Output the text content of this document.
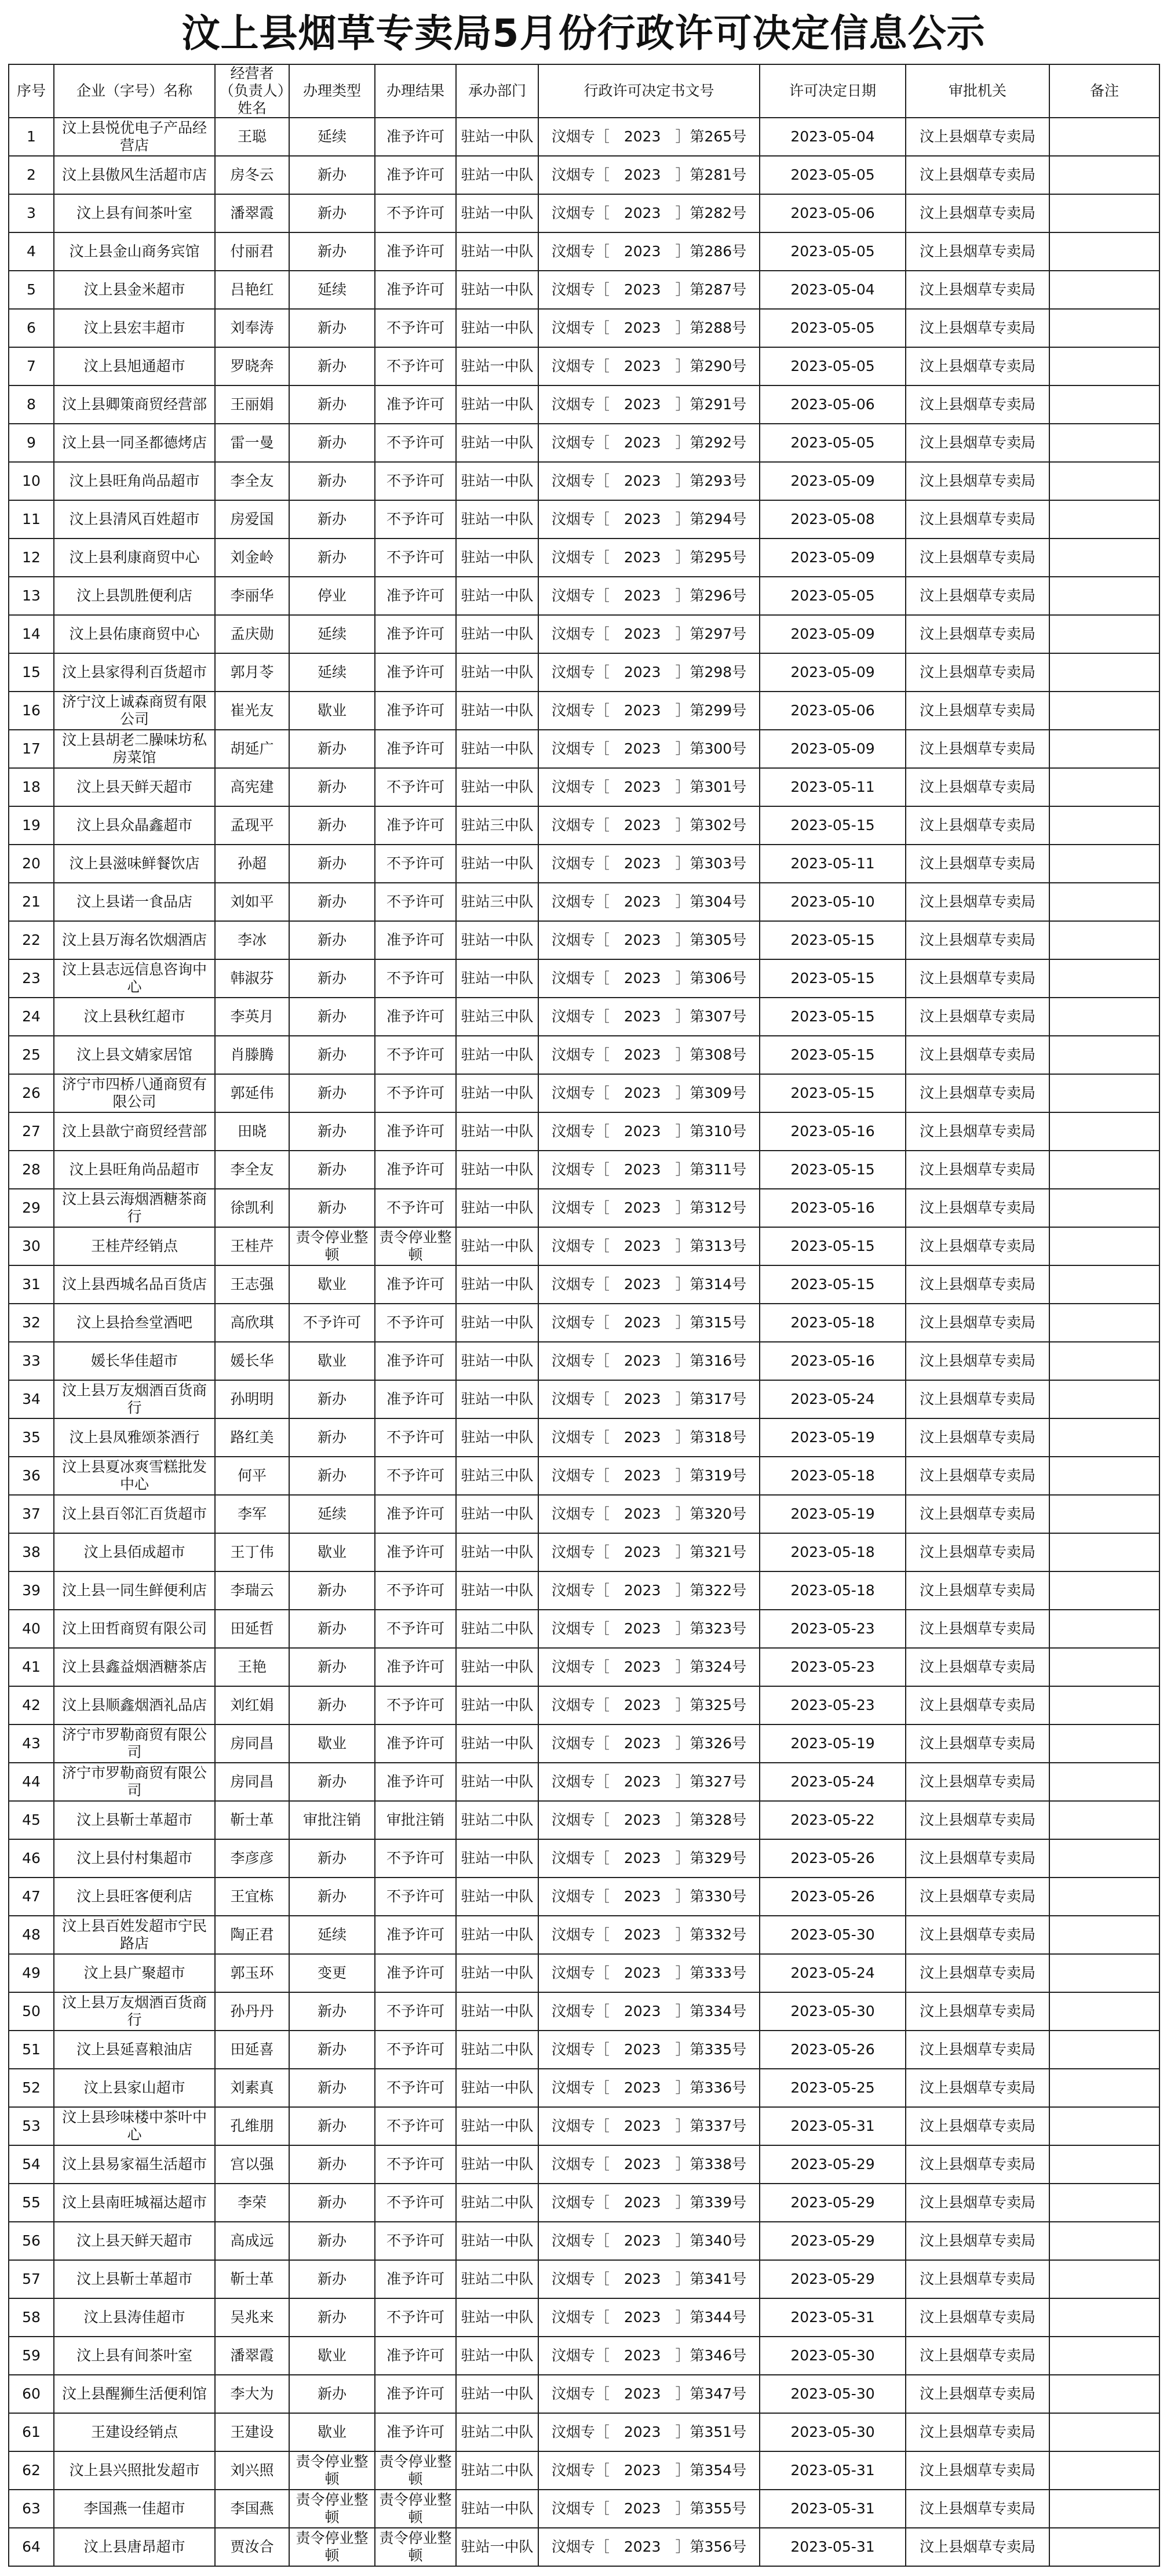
汶上县烟草专卖局5月份行政许可决定信息公示
序号	企业（字号）名称	经营者（负责人）姓名	办理类型	办理结果	承办部门	行政许可决定书文号	许可决定日期	审批机关	备注
1	汶上县悦优电子产品经营店	王聪	延续	准予许可	驻站一中队	汶烟专［　2023　］第265号	2023-05-04	汶上县烟草专卖局	
2	汶上县傲风生活超市店	房冬云	新办	准予许可	驻站一中队	汶烟专［　2023　］第281号	2023-05-05	汶上县烟草专卖局	
3	汶上县有间茶叶室	潘翠霞	新办	不予许可	驻站一中队	汶烟专［　2023　］第282号	2023-05-06	汶上县烟草专卖局	
4	汶上县金山商务宾馆	付丽君	新办	准予许可	驻站一中队	汶烟专［　2023　］第286号	2023-05-05	汶上县烟草专卖局	
5	汶上县金米超市	吕艳红	延续	准予许可	驻站一中队	汶烟专［　2023　］第287号	2023-05-04	汶上县烟草专卖局	
6	汶上县宏丰超市	刘奉涛	新办	不予许可	驻站一中队	汶烟专［　2023　］第288号	2023-05-05	汶上县烟草专卖局	
7	汶上县旭通超市	罗晓奔	新办	不予许可	驻站一中队	汶烟专［　2023　］第290号	2023-05-05	汶上县烟草专卖局	
8	汶上县卿策商贸经营部	王丽娟	新办	准予许可	驻站一中队	汶烟专［　2023　］第291号	2023-05-06	汶上县烟草专卖局	
9	汶上县一同圣都德烤店	雷一曼	新办	不予许可	驻站一中队	汶烟专［　2023　］第292号	2023-05-05	汶上县烟草专卖局	
10	汶上县旺角尚品超市	李全友	新办	不予许可	驻站一中队	汶烟专［　2023　］第293号	2023-05-09	汶上县烟草专卖局	
11	汶上县清风百姓超市	房爱国	新办	不予许可	驻站一中队	汶烟专［　2023　］第294号	2023-05-08	汶上县烟草专卖局	
12	汶上县利康商贸中心	刘金岭	新办	不予许可	驻站一中队	汶烟专［　2023　］第295号	2023-05-09	汶上县烟草专卖局	
13	汶上县凯胜便利店	李丽华	停业	准予许可	驻站一中队	汶烟专［　2023　］第296号	2023-05-05	汶上县烟草专卖局	
14	汶上县佑康商贸中心	孟庆勋	延续	准予许可	驻站一中队	汶烟专［　2023　］第297号	2023-05-09	汶上县烟草专卖局	
15	汶上县家得利百货超市	郭月苓	延续	准予许可	驻站一中队	汶烟专［　2023　］第298号	2023-05-09	汶上县烟草专卖局	
16	济宁汶上诚森商贸有限公司	崔光友	歇业	准予许可	驻站一中队	汶烟专［　2023　］第299号	2023-05-06	汶上县烟草专卖局	
17	汶上县胡老二臊味坊私房菜馆	胡延广	新办	准予许可	驻站一中队	汶烟专［　2023　］第300号	2023-05-09	汶上县烟草专卖局	
18	汶上县天鲜天超市	高宪建	新办	不予许可	驻站一中队	汶烟专［　2023　］第301号	2023-05-11	汶上县烟草专卖局	
19	汶上县众晶鑫超市	孟现平	新办	准予许可	驻站三中队	汶烟专［　2023　］第302号	2023-05-15	汶上县烟草专卖局	
20	汶上县滋味鲜餐饮店	孙超	新办	不予许可	驻站一中队	汶烟专［　2023　］第303号	2023-05-11	汶上县烟草专卖局	
21	汶上县诺一食品店	刘如平	新办	不予许可	驻站三中队	汶烟专［　2023　］第304号	2023-05-10	汶上县烟草专卖局	
22	汶上县万海名饮烟酒店	李冰	新办	准予许可	驻站一中队	汶烟专［　2023　］第305号	2023-05-15	汶上县烟草专卖局	
23	汶上县志远信息咨询中心	韩淑芬	新办	不予许可	驻站一中队	汶烟专［　2023　］第306号	2023-05-15	汶上县烟草专卖局	
24	汶上县秋红超市	李英月	新办	准予许可	驻站三中队	汶烟专［　2023　］第307号	2023-05-15	汶上县烟草专卖局	
25	汶上县文婧家居馆	肖滕腾	新办	不予许可	驻站一中队	汶烟专［　2023　］第308号	2023-05-15	汶上县烟草专卖局	
26	济宁市四桥八通商贸有限公司	郭延伟	新办	不予许可	驻站一中队	汶烟专［　2023　］第309号	2023-05-15	汶上县烟草专卖局	
27	汶上县歆宁商贸经营部	田晓	新办	准予许可	驻站一中队	汶烟专［　2023　］第310号	2023-05-16	汶上县烟草专卖局	
28	汶上县旺角尚品超市	李全友	新办	准予许可	驻站一中队	汶烟专［　2023　］第311号	2023-05-15	汶上县烟草专卖局	
29	汶上县云海烟酒糖茶商行	徐凯利	新办	不予许可	驻站一中队	汶烟专［　2023　］第312号	2023-05-16	汶上县烟草专卖局	
30	王桂芹经销点	王桂芹	责令停业整顿	责令停业整顿	驻站一中队	汶烟专［　2023　］第313号	2023-05-15	汶上县烟草专卖局	
31	汶上县西城名品百货店	王志强	歇业	准予许可	驻站一中队	汶烟专［　2023　］第314号	2023-05-15	汶上县烟草专卖局	
32	汶上县拾叁堂酒吧	高欣琪	不予许可	不予许可	驻站一中队	汶烟专［　2023　］第315号	2023-05-18	汶上县烟草专卖局	
33	媛长华佳超市	媛长华	歇业	准予许可	驻站一中队	汶烟专［　2023　］第316号	2023-05-16	汶上县烟草专卖局	
34	汶上县万友烟酒百货商行	孙明明	新办	准予许可	驻站一中队	汶烟专［　2023　］第317号	2023-05-24	汶上县烟草专卖局	
35	汶上县凤雅颂茶酒行	路红美	新办	不予许可	驻站一中队	汶烟专［　2023　］第318号	2023-05-19	汶上县烟草专卖局	
36	汶上县夏冰爽雪糕批发中心	何平	新办	不予许可	驻站三中队	汶烟专［　2023　］第319号	2023-05-18	汶上县烟草专卖局	
37	汶上县百邻汇百货超市	李军	延续	准予许可	驻站一中队	汶烟专［　2023　］第320号	2023-05-19	汶上县烟草专卖局	
38	汶上县佰成超市	王丁伟	歇业	准予许可	驻站一中队	汶烟专［　2023　］第321号	2023-05-18	汶上县烟草专卖局	
39	汶上县一同生鲜便利店	李瑞云	新办	不予许可	驻站一中队	汶烟专［　2023　］第322号	2023-05-18	汶上县烟草专卖局	
40	汶上田哲商贸有限公司	田延哲	新办	不予许可	驻站二中队	汶烟专［　2023　］第323号	2023-05-23	汶上县烟草专卖局	
41	汶上县鑫益烟酒糖茶店	王艳	新办	准予许可	驻站一中队	汶烟专［　2023　］第324号	2023-05-23	汶上县烟草专卖局	
42	汶上县顺鑫烟酒礼品店	刘红娟	新办	不予许可	驻站一中队	汶烟专［　2023　］第325号	2023-05-23	汶上县烟草专卖局	
43	济宁市罗勒商贸有限公司	房同昌	歇业	准予许可	驻站一中队	汶烟专［　2023　］第326号	2023-05-19	汶上县烟草专卖局	
44	济宁市罗勒商贸有限公司	房同昌	新办	准予许可	驻站一中队	汶烟专［　2023　］第327号	2023-05-24	汶上县烟草专卖局	
45	汶上县靳士革超市	靳士革	审批注销	审批注销	驻站二中队	汶烟专［　2023　］第328号	2023-05-22	汶上县烟草专卖局	
46	汶上县付村集超市	李彦彦	新办	不予许可	驻站一中队	汶烟专［　2023　］第329号	2023-05-26	汶上县烟草专卖局	
47	汶上县旺客便利店	王宜栋	新办	不予许可	驻站一中队	汶烟专［　2023　］第330号	2023-05-26	汶上县烟草专卖局	
48	汶上县百姓发超市宁民路店	陶正君	延续	准予许可	驻站一中队	汶烟专［　2023　］第332号	2023-05-30	汶上县烟草专卖局	
49	汶上县广聚超市	郭玉环	变更	准予许可	驻站一中队	汶烟专［　2023　］第333号	2023-05-24	汶上县烟草专卖局	
50	汶上县万友烟酒百货商行	孙丹丹	新办	不予许可	驻站一中队	汶烟专［　2023　］第334号	2023-05-30	汶上县烟草专卖局	
51	汶上县延喜粮油店	田延喜	新办	不予许可	驻站二中队	汶烟专［　2023　］第335号	2023-05-26	汶上县烟草专卖局	
52	汶上县家山超市	刘素真	新办	不予许可	驻站一中队	汶烟专［　2023　］第336号	2023-05-25	汶上县烟草专卖局	
53	汶上县珍味楼中茶叶中心	孔维朋	新办	不予许可	驻站一中队	汶烟专［　2023　］第337号	2023-05-31	汶上县烟草专卖局	
54	汶上县易家福生活超市	宫以强	新办	不予许可	驻站一中队	汶烟专［　2023　］第338号	2023-05-29	汶上县烟草专卖局	
55	汶上县南旺城福达超市	李荣	新办	不予许可	驻站二中队	汶烟专［　2023　］第339号	2023-05-29	汶上县烟草专卖局	
56	汶上县天鲜天超市	高成远	新办	不予许可	驻站一中队	汶烟专［　2023　］第340号	2023-05-29	汶上县烟草专卖局	
57	汶上县靳士革超市	靳士革	新办	准予许可	驻站二中队	汶烟专［　2023　］第341号	2023-05-29	汶上县烟草专卖局	
58	汶上县涛佳超市	吴兆来	新办	不予许可	驻站一中队	汶烟专［　2023　］第344号	2023-05-31	汶上县烟草专卖局	
59	汶上县有间茶叶室	潘翠霞	歇业	准予许可	驻站一中队	汶烟专［　2023　］第346号	2023-05-30	汶上县烟草专卖局	
60	汶上县醒狮生活便利馆	李大为	新办	准予许可	驻站一中队	汶烟专［　2023　］第347号	2023-05-30	汶上县烟草专卖局	
61	王建设经销点	王建设	歇业	准予许可	驻站二中队	汶烟专［　2023　］第351号	2023-05-30	汶上县烟草专卖局	
62	汶上县兴照批发超市	刘兴照	责令停业整顿	责令停业整顿	驻站二中队	汶烟专［　2023　］第354号	2023-05-31	汶上县烟草专卖局	
63	李国燕一佳超市	李国燕	责令停业整顿	责令停业整顿	驻站一中队	汶烟专［　2023　］第355号	2023-05-31	汶上县烟草专卖局	
64	汶上县唐昂超市	贾汝合	责令停业整顿	责令停业整顿	驻站一中队	汶烟专［　2023　］第356号	2023-05-31	汶上县烟草专卖局	
